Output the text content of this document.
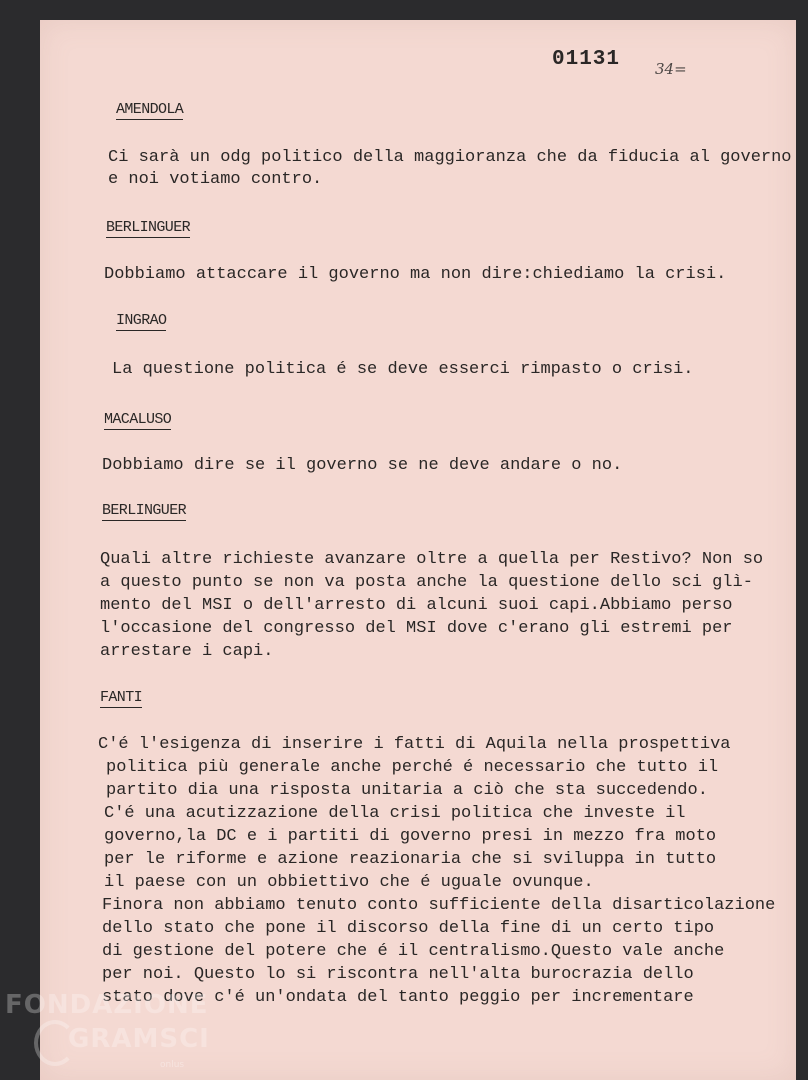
01131 34=
AMENDOLA
Ci sarà un odg politico della maggioranza che da fiducia al governo
e noi votiamo contro.
BERLINGUER
Dobbiamo attaccare il governo ma non dire:chiediamo la crisi.
INGRAO
La questione politica é se deve esserci rimpasto o crisi.
MACALUSO
Dobbiamo dire se il governo se ne deve andare o no.
BERLINGUER
Quali altre richieste avanzare oltre a quella per Restivo? Non so
a questo punto se non va posta anche la questione dello sci glì-
mento del MSI o dell'arresto di alcuni suoi capi.Abbiamo perso
l'occasione del congresso del MSI dove c'erano gli estremi per
arrestare i capi.
FANTI
C'é l'esigenza di inserire i fatti di Aquila nella prospettiva
politica più generale anche perché é necessario che tutto il
partito dia una risposta unitaria a ciò che sta succedendo.
C'é una acutizzazione della crisi politica che investe il
governo,la DC e i partiti di governo presi in mezzo fra moto
per le riforme e azione reazionaria che si sviluppa in tutto
il paese con un obbiettivo che é uguale ovunque.
Finora non abbiamo tenuto conto sufficiente della disarticolazione
dello stato che pone il discorso della fine di un certo tipo
di gestione del potere che é il centralismo.Questo vale anche
per noi. Questo lo si riscontra nell'alta burocrazia dello
stato dove c'é un'ondata del tanto peggio per incrementare
FONDAZIONE
GRAMSCI
onlus
